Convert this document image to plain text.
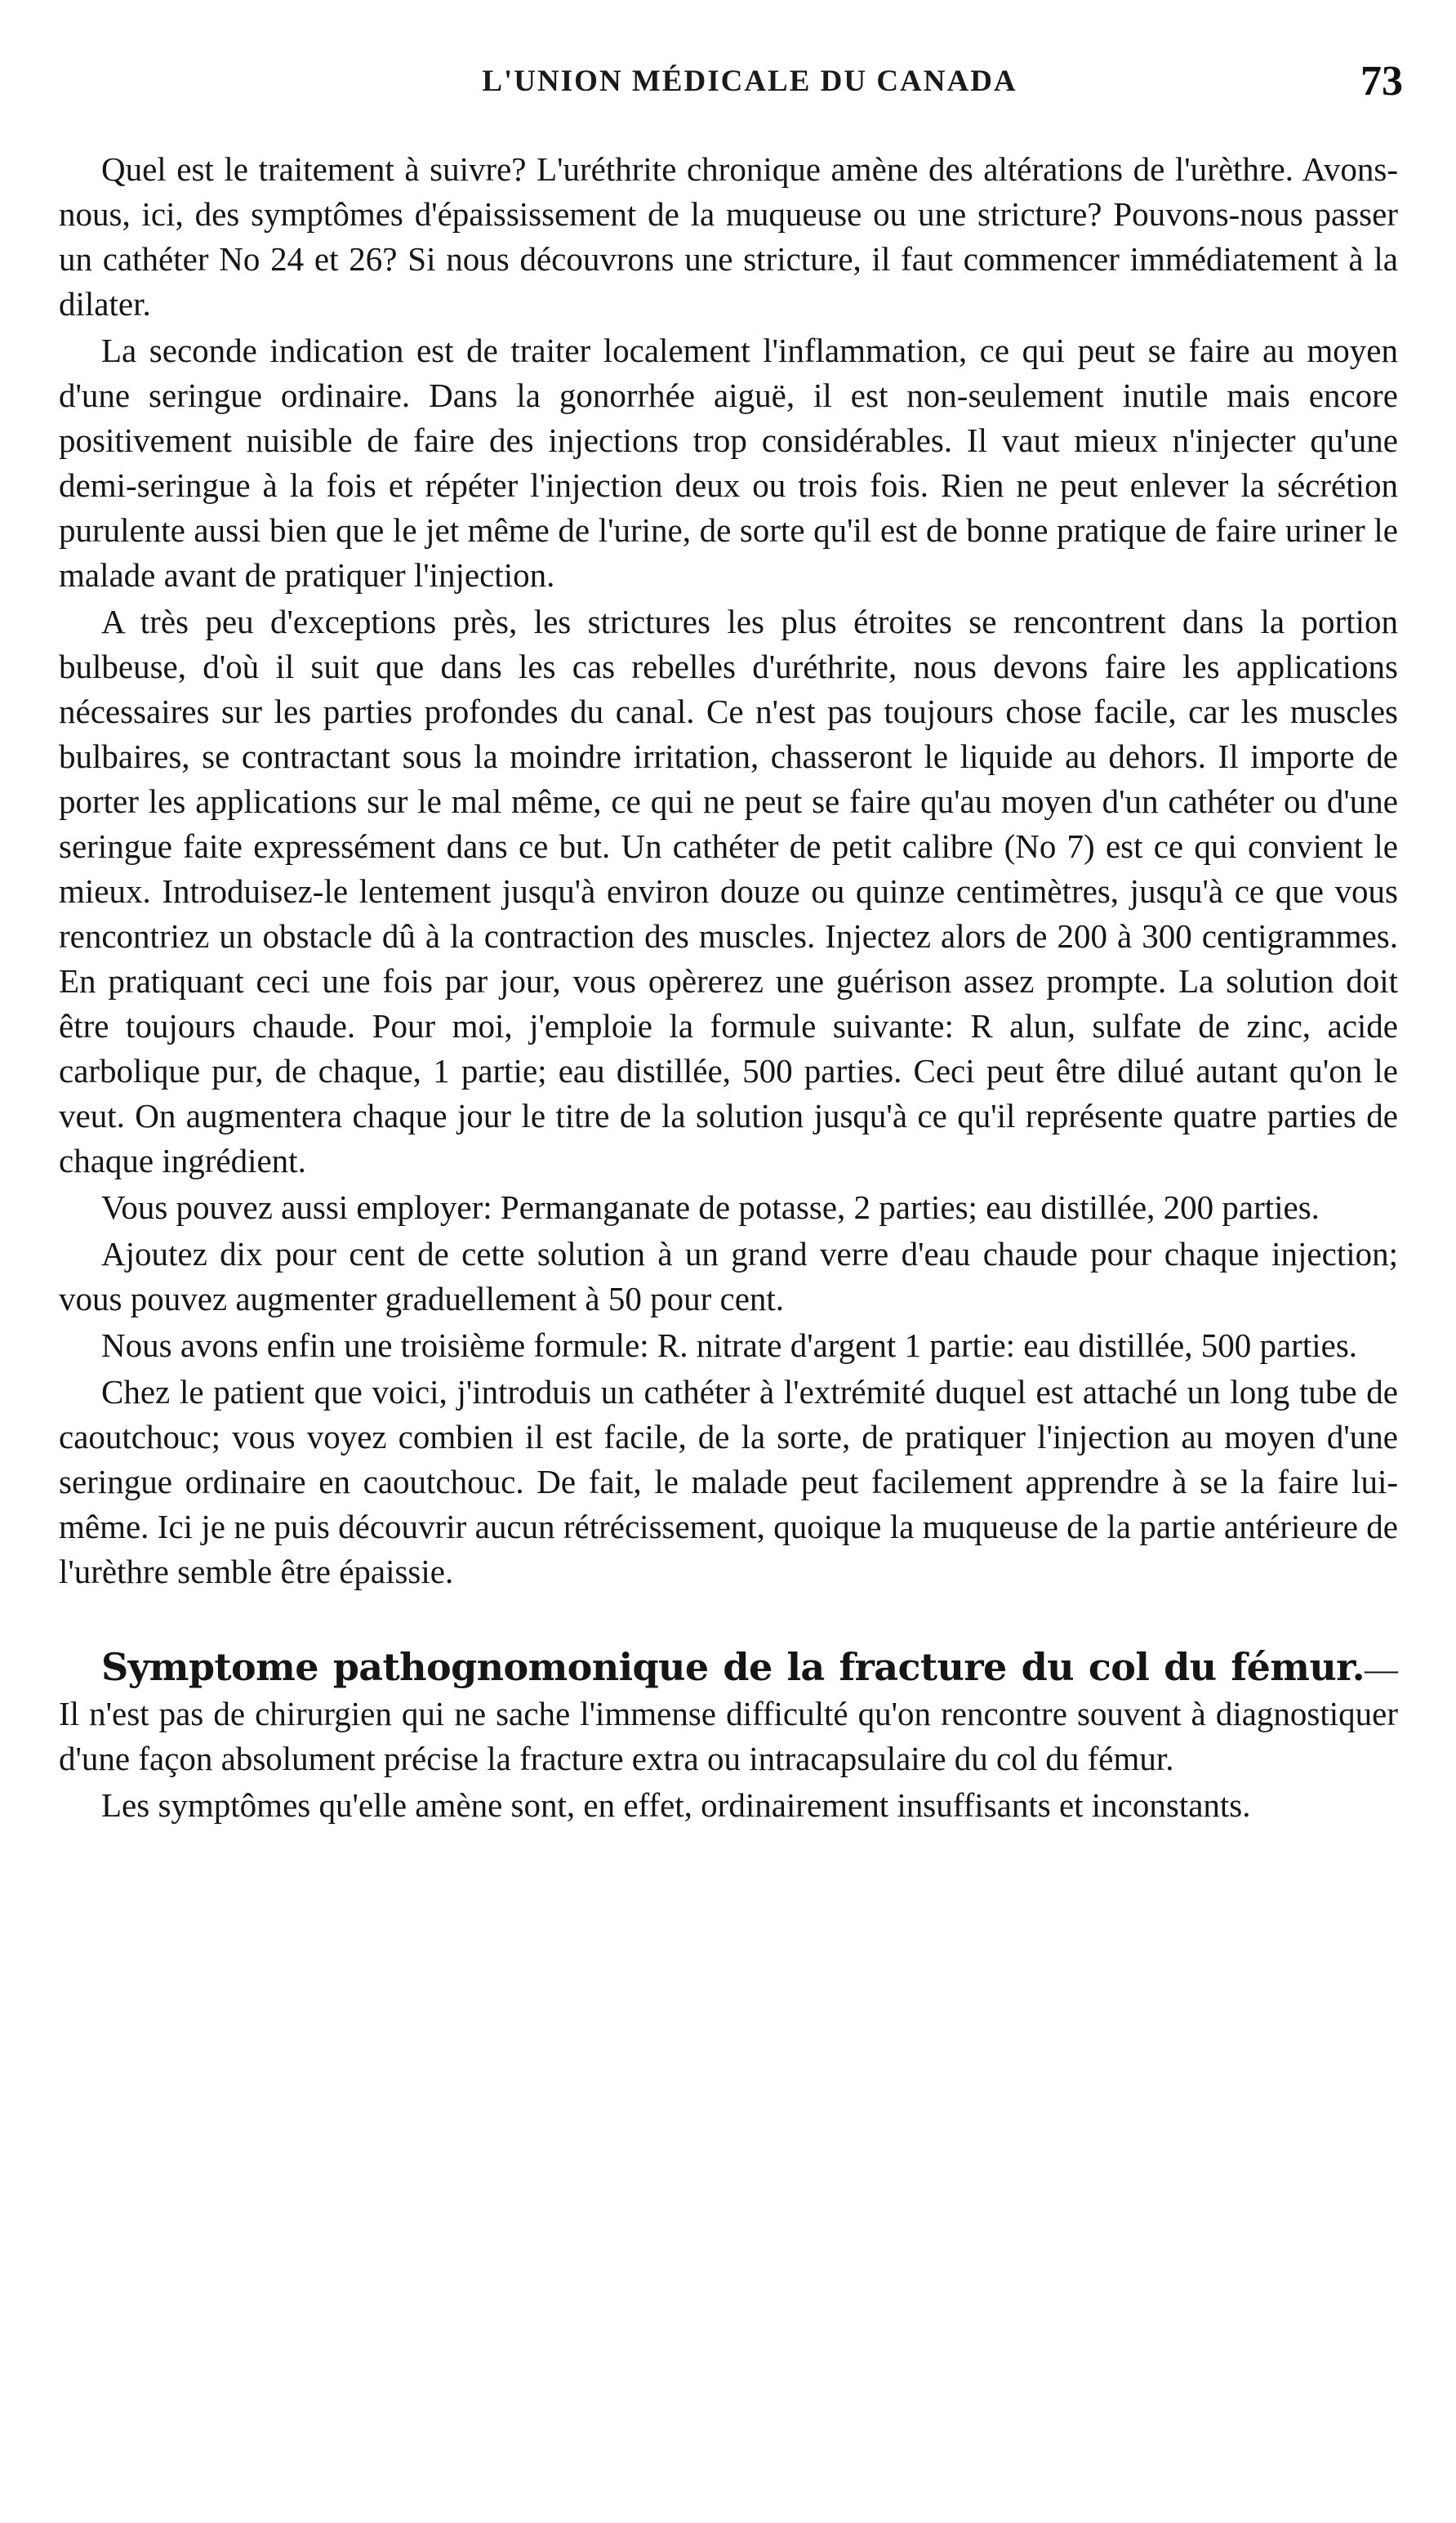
L'UNION MÉDICALE DU CANADA	73

Quel est le traitement à suivre? L'uréthrite chronique amène des altérations de l'urèthre. Avons-nous, ici, des symptômes d'épaississement de la muqueuse ou une stricture? Pouvons-nous passer un cathéter No 24 et 26? Si nous découvrons une stricture, il faut commencer immédiatement à la dilater.

La seconde indication est de traiter localement l'inflammation, ce qui peut se faire au moyen d'une seringue ordinaire. Dans la gonorrhée aiguë, il est non-seulement inutile mais encore positivement nuisible de faire des injections trop considérables. Il vaut mieux n'injecter qu'une demi-seringue à la fois et répéter l'injection deux ou trois fois. Rien ne peut enlever la sécrétion purulente aussi bien que le jet même de l'urine, de sorte qu'il est de bonne pratique de faire uriner le malade avant de pratiquer l'injection.

A très peu d'exceptions près, les strictures les plus étroites se rencontrent dans la portion bulbeuse, d'où il suit que dans les cas rebelles d'uréthrite, nous devons faire les applications nécessaires sur les parties profondes du canal. Ce n'est pas toujours chose facile, car les muscles bulbaires, se contractant sous la moindre irritation, chasseront le liquide au dehors. Il importe de porter les applications sur le mal même, ce qui ne peut se faire qu'au moyen d'un cathéter ou d'une seringue faite expressément dans ce but. Un cathéter de petit calibre (No 7) est ce qui convient le mieux. Introduisez-le lentement jusqu'à environ douze ou quinze centimètres, jusqu'à ce que vous rencontriez un obstacle dû à la contraction des muscles. Injectez alors de 200 à 300 centigrammes. En pratiquant ceci une fois par jour, vous opèrerez une guérison assez prompte. La solution doit être toujours chaude. Pour moi, j'emploie la formule suivante: R alun, sulfate de zinc, acide carbolique pur, de chaque, 1 partie; eau distillée, 500 parties. Ceci peut être dilué autant qu'on le veut. On augmentera chaque jour le titre de la solution jusqu'à ce qu'il représente quatre parties de chaque ingrédient.

Vous pouvez aussi employer: Permanganate de potasse, 2 parties; eau distillée, 200 parties.

Ajoutez dix pour cent de cette solution à un grand verre d'eau chaude pour chaque injection; vous pouvez augmenter graduellement à 50 pour cent.

Nous avons enfin une troisième formule: R. nitrate d'argent 1 partie: eau distillée, 500 parties.

Chez le patient que voici, j'introduis un cathéter à l'extrémité duquel est attaché un long tube de caoutchouc; vous voyez combien il est facile, de la sorte, de pratiquer l'injection au moyen d'une seringue ordinaire en caoutchouc. De fait, le malade peut facilement apprendre à se la faire lui-même. Ici je ne puis découvrir aucun rétrécissement, quoique la muqueuse de la partie antérieure de l'urèthre semble être épaissie.

Symptome pathognomonique de la fracture du col du fémur.—Il n'est pas de chirurgien qui ne sache l'immense difficulté qu'on rencontre souvent à diagnostiquer d'une façon absolument précise la fracture extra ou intracapsulaire du col du fémur.

Les symptômes qu'elle amène sont, en effet, ordinairement insuffisants et inconstants.
